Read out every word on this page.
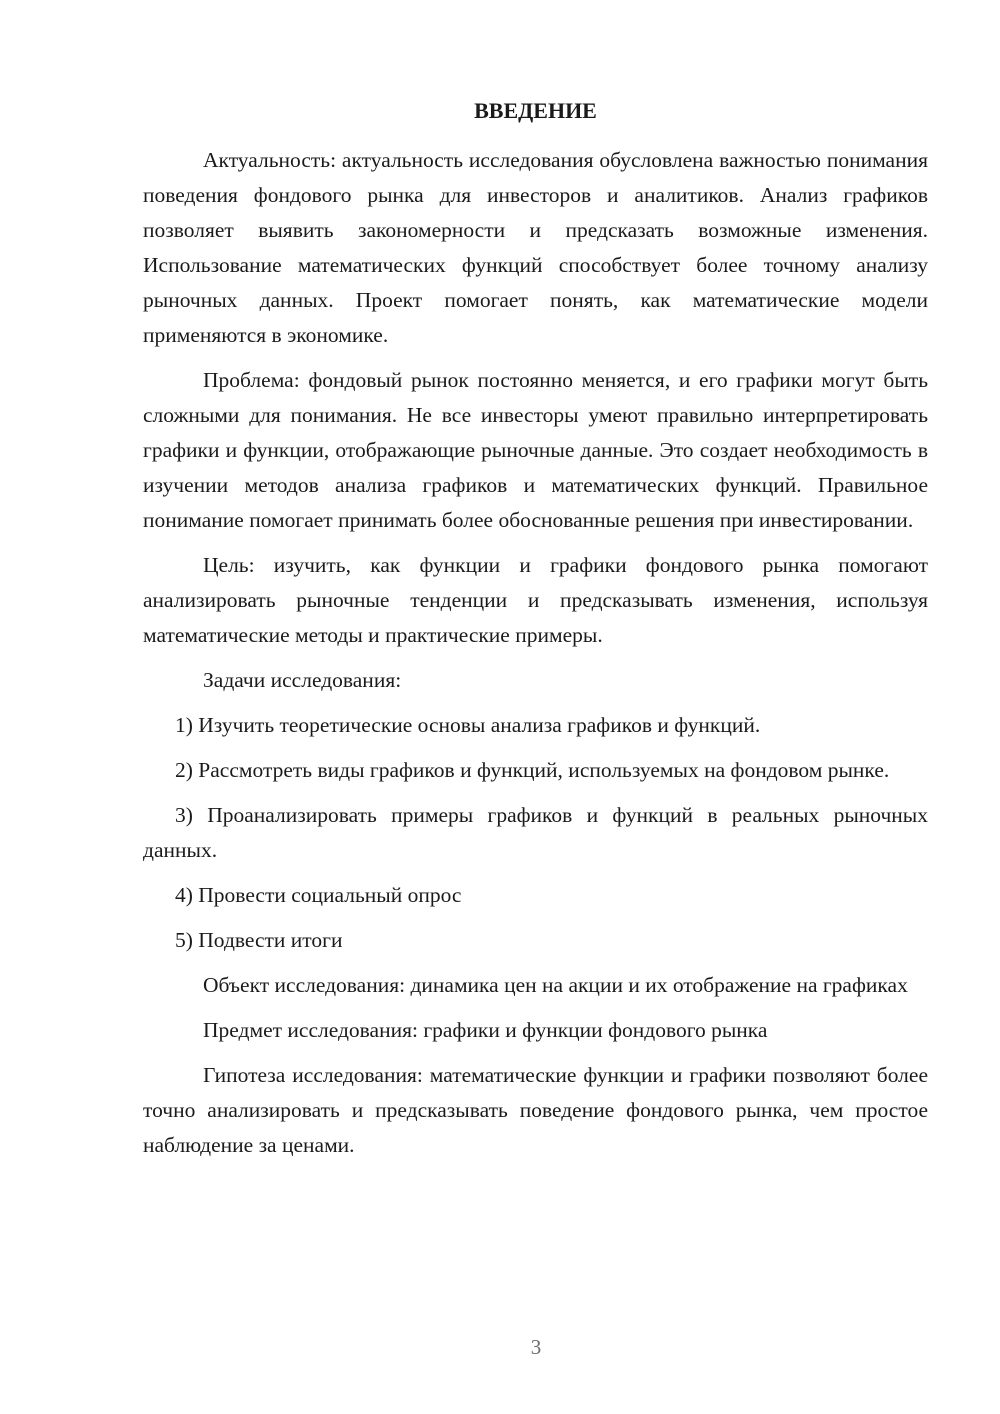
ВВЕДЕНИЕ

Актуальность: актуальность исследования обусловлена важностью понимания поведения фондового рынка для инвесторов и аналитиков. Анализ графиков позволяет выявить закономерности и предсказать возможные изменения. Использование математических функций способствует более точному анализу рыночных данных. Проект помогает понять, как математические модели применяются в экономике.

Проблема: фондовый рынок постоянно меняется, и его графики могут быть сложными для понимания. Не все инвесторы умеют правильно интерпретировать графики и функции, отображающие рыночные данные. Это создает необходимость в изучении методов анализа графиков и математических функций. Правильное понимание помогает принимать более обоснованные решения при инвестировании.

Цель: изучить, как функции и графики фондового рынка помогают анализировать рыночные тенденции и предсказывать изменения, используя математические методы и практические примеры.

Задачи исследования:

1) Изучить теоретические основы анализа графиков и функций.

2) Рассмотреть виды графиков и функций, используемых на фондовом рынке.

3) Проанализировать примеры графиков и функций в реальных рыночных данных.

4) Провести социальный опрос

5) Подвести итоги

Объект исследования: динамика цен на акции и их отображение на графиках

Предмет исследования: графики и функции фондового рынка

Гипотеза исследования: математические функции и графики позволяют более точно анализировать и предсказывать поведение фондового рынка, чем простое наблюдение за ценами.

3
